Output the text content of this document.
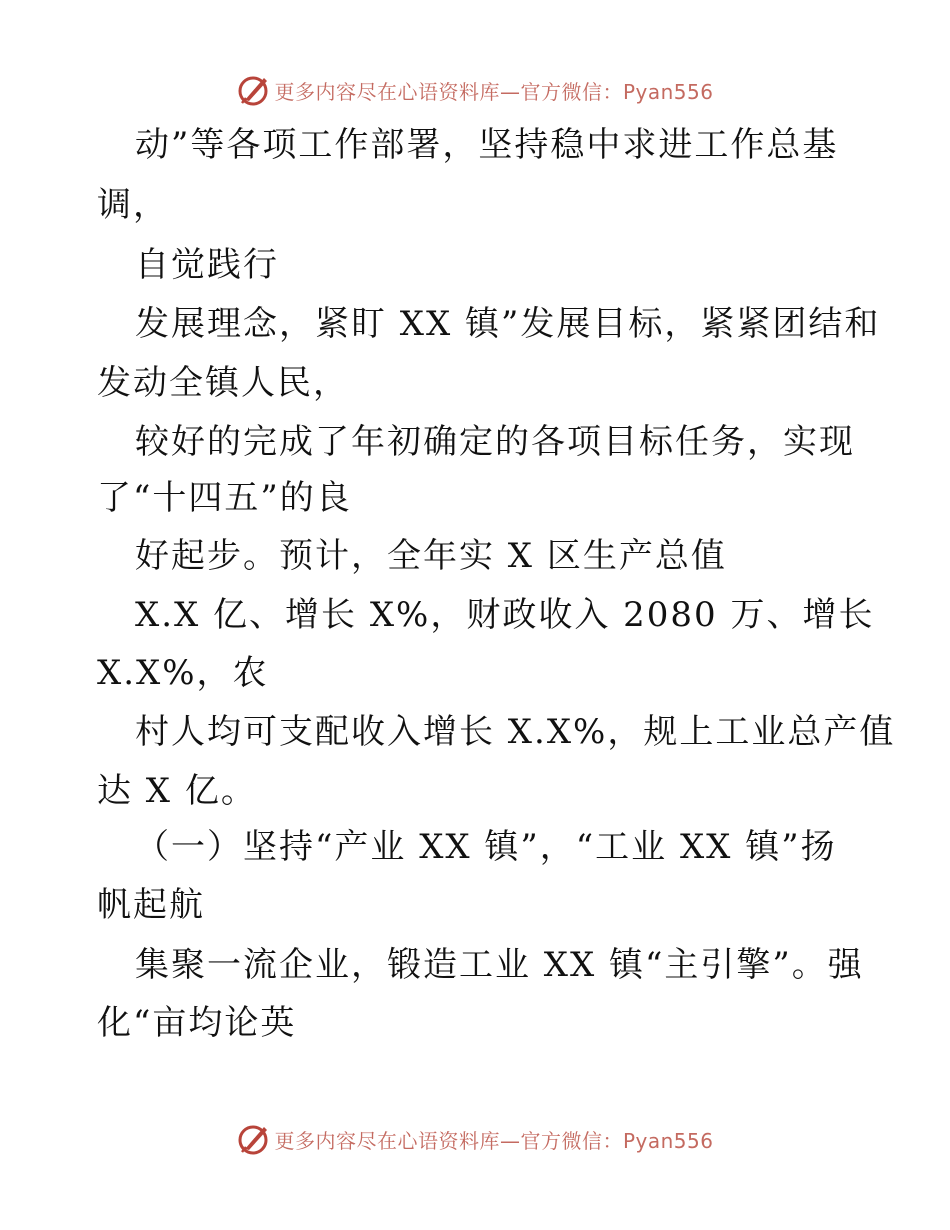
更多内容尽在心语资料库—官方微信：Pyan556

动”等各项工作部署，坚持稳中求进工作总基

调，

自觉践行

发展理念，紧盯 XX 镇”发展目标，紧紧团结和

发动全镇人民，

较好的完成了年初确定的各项目标任务，实现

了“十四五”的良

好起步。预计，全年实 X 区生产总值

X.X 亿、增长 X%，财政收入 2080 万、增长

X.X%，农

村人均可支配收入增长 X.X%，规上工业总产值

达 X 亿。

（一）坚持“产业 XX 镇”，“工业 XX 镇”扬

帆起航

集聚一流企业，锻造工业 XX 镇“主引擎”。强

化“亩均论英

更多内容尽在心语资料库—官方微信：Pyan556
